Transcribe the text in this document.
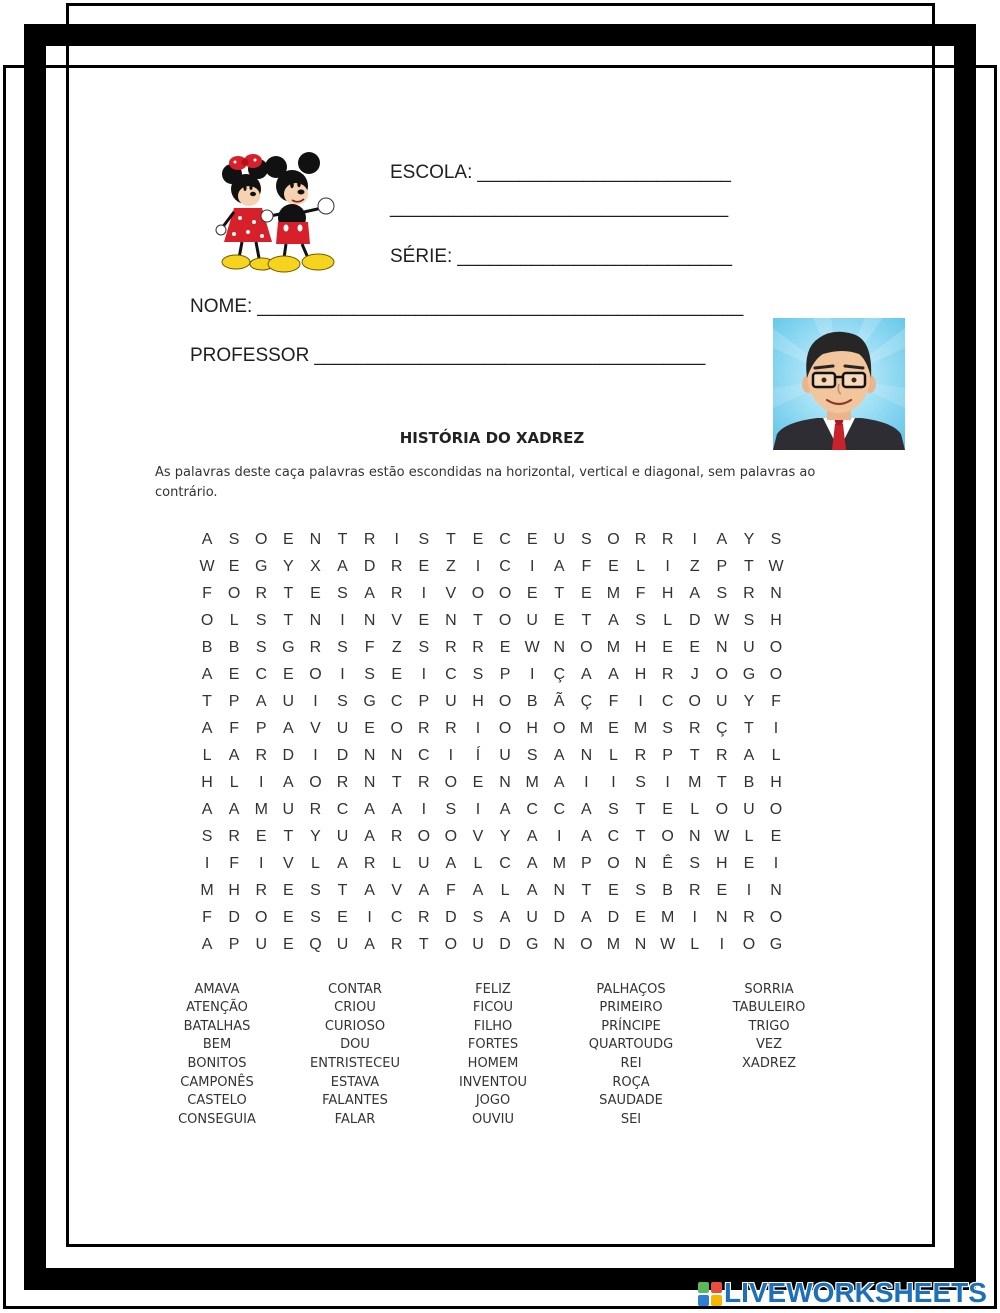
ESCOLA: ________________________
________________________________
SÉRIE: __________________________
NOME: ______________________________________________
PROFESSOR _____________________________________
HISTÓRIA DO XADREZ
As palavras deste caça palavras estão escondidas na horizontal, vertical e diagonal, sem palavras ao contrário.
A	S O E N	T	R	I	S	T	E C E U S O R R	I	A	Y	S
W E G Y	X	A D R E	Z	I	C	I	A	F	E	L	I	Z	P	T W
F O R	T	E	S	A R	I	V O O E	T	E M F	H A	S R N
O	L	S	T	N	I	N V	E N	T O U E	T	A	S	L	D W S H
B	B	S G R S	F	Z	S R R E W N O M H E	E N U O
A	E C E O	I	S	E	I	C S	P	I	Ç A	A H R	J	O G O
T	P	A U	I	S G C P U H O B	Ã Ç	F	I	C O U Y	F
A	F	P	A	V U E O R R	I	O H O M E M S R Ç	T	I
L	A R D	I	D N N C	I	Í	U S	A N	L	R P	T	R A	L
H	L	I	A O R N	T	R O E N M A	I	I	S	I	M T	B H
A	A M U R C A	A	I	S	I	A C C A	S	T	E	L	O U O
S R E	T	Y U A R O O V	Y	A	I	A C	T O N W L	E
I	F	I	V	L	A R	L	U A	L	C A M P O N Ê	S H E	I
M H R E	S	T	A	V	A	F	A	L	A N	T	E	S	B R E	I	N
F	D O E	S	E	I	C R D S	A U D A D E M	I	N R O
A	P U E Q U A R	T O U D G N O M N W L	I	O G
AMAVA
ATENÇÃO
BATALHAS
BEM
BONITOS
CAMPONÊS
CASTELO
CONSEGUIA
CONTAR
CRIOU
CURIOSO
DOU
ENTRISTECEU
ESTAVA
FALANTES
FALAR
FELIZ
FICOU
FILHO
FORTES
HOMEM
INVENTOU
JOGO
OUVIU
PALHAÇOS
PRIMEIRO
PRÍNCIPE
QUARTOUDG
REI
ROÇA
SAUDADE
SEI
SORRIA
TABULEIRO
TRIGO
VEZ
XADREZ
LIVEWORKSHEETS
